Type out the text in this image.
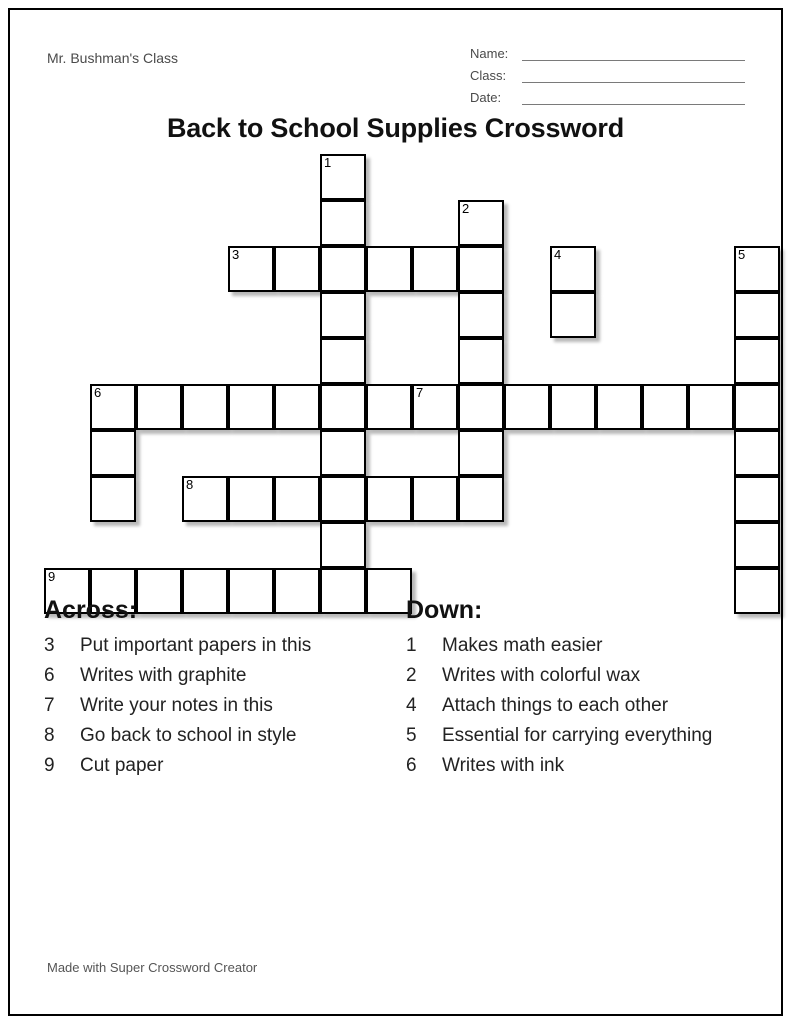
Mr. Bushman's Class	Name:
Class:
Date:
Back to School Supplies Crossword
1
2
3	4	5
6	7
8
9
Across:
3	Put important papers in this
6	Writes with graphite
7	Write your notes in this
8	Go back to school in style
9	Cut paper
Down:
1	Makes math easier
2	Writes with colorful wax
4	Attach things to each other
5	Essential for carrying everything
6	Writes with ink
Made with Super Crossword Creator
